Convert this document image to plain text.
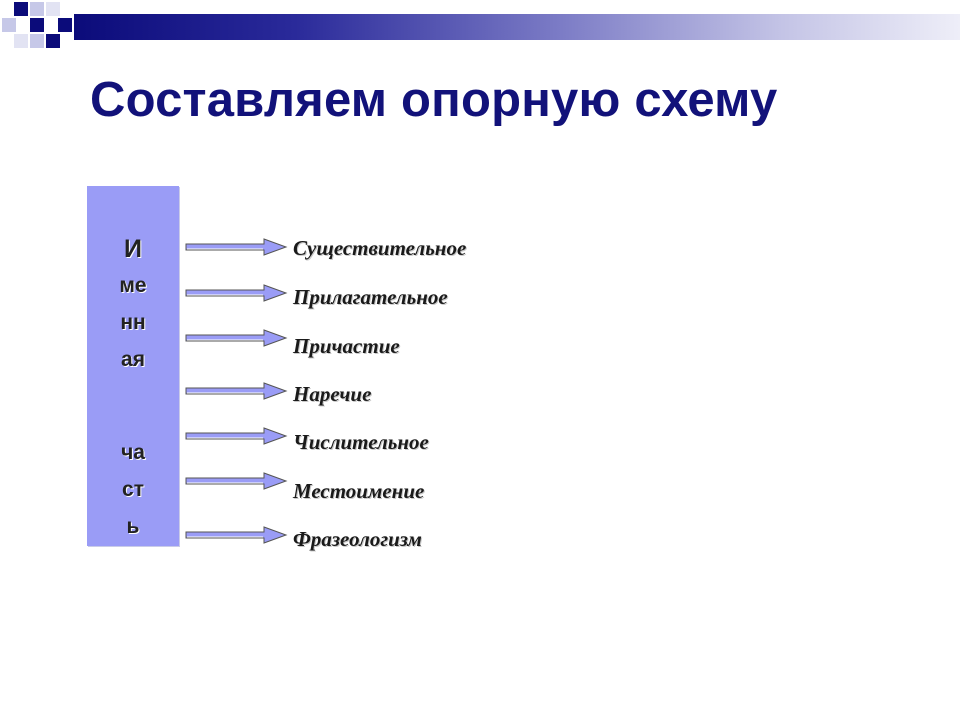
Составляем опорную схему
И
ме
нн
ая
ча
ст
ь
Существительное
Прилагательное
Причастие
Наречие
Числительное
Местоимение
Фразеологизм
